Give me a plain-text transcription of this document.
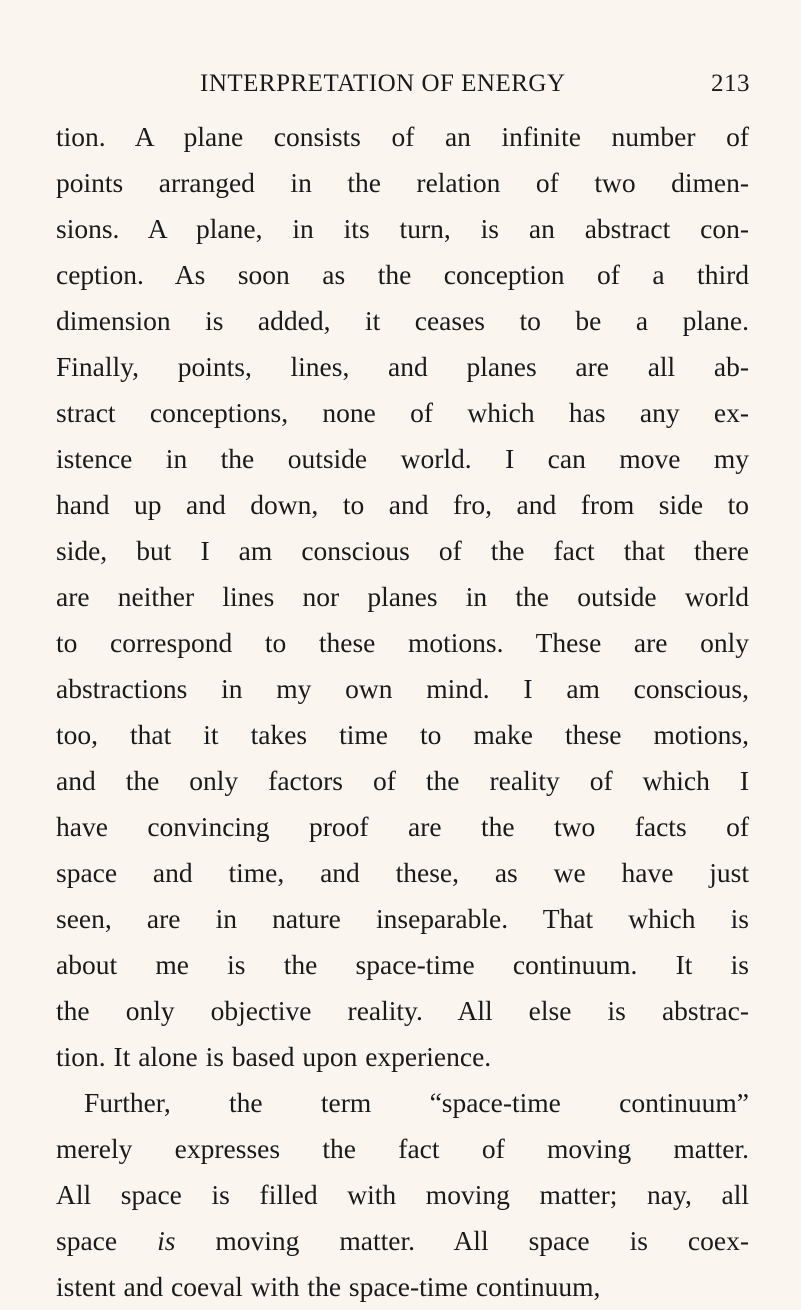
INTERPRETATION OF ENERGY	213
tion. A plane consists of an infinite number of
points arranged in the relation of two dimen-
sions. A plane, in its turn, is an abstract con-
ception. As soon as the conception of a third
dimension is added, it ceases to be a plane.
Finally, points, lines, and planes are all ab-
stract conceptions, none of which has any ex-
istence in the outside world. I can move my
hand up and down, to and fro, and from side to
side, but I am conscious of the fact that there
are neither lines nor planes in the outside world
to correspond to these motions. These are only
abstractions in my own mind. I am conscious,
too, that it takes time to make these motions,
and the only factors of the reality of which I
have convincing proof are the two facts of
space and time, and these, as we have just
seen, are in nature inseparable. That which is
about me is the space-time continuum. It is
the only objective reality. All else is abstrac-
tion. It alone is based upon experience.
Further, the term “space-time continuum”
merely expresses the fact of moving matter.
All space is filled with moving matter; nay, all
space is moving matter. All space is coex-
istent and coeval with the space-time continuum,
